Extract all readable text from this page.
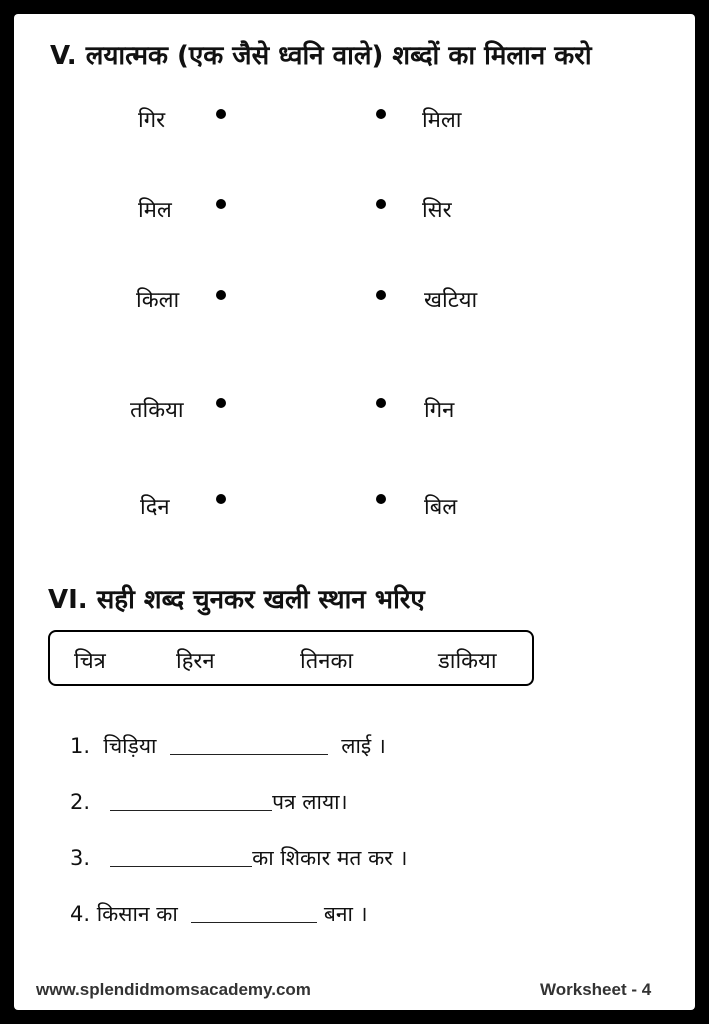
V. लयात्मक (एक जैसे ध्वनि वाले) शब्दों का मिलान करो
गिर
मिल
किला
तकिया
दिन
मिला
सिर
खटिया
गिन
बिल
VI. सही शब्द चुनकर खली स्थान भरिए
चित्र	हिरन	तिनका	डाकिया
1. चिड़िया	लाई ।
2.	पत्र लाया।
3.	का शिकार मत कर ।
4. किसान का	बना ।
www.splendidmomsacademy.com	Worksheet - 4
